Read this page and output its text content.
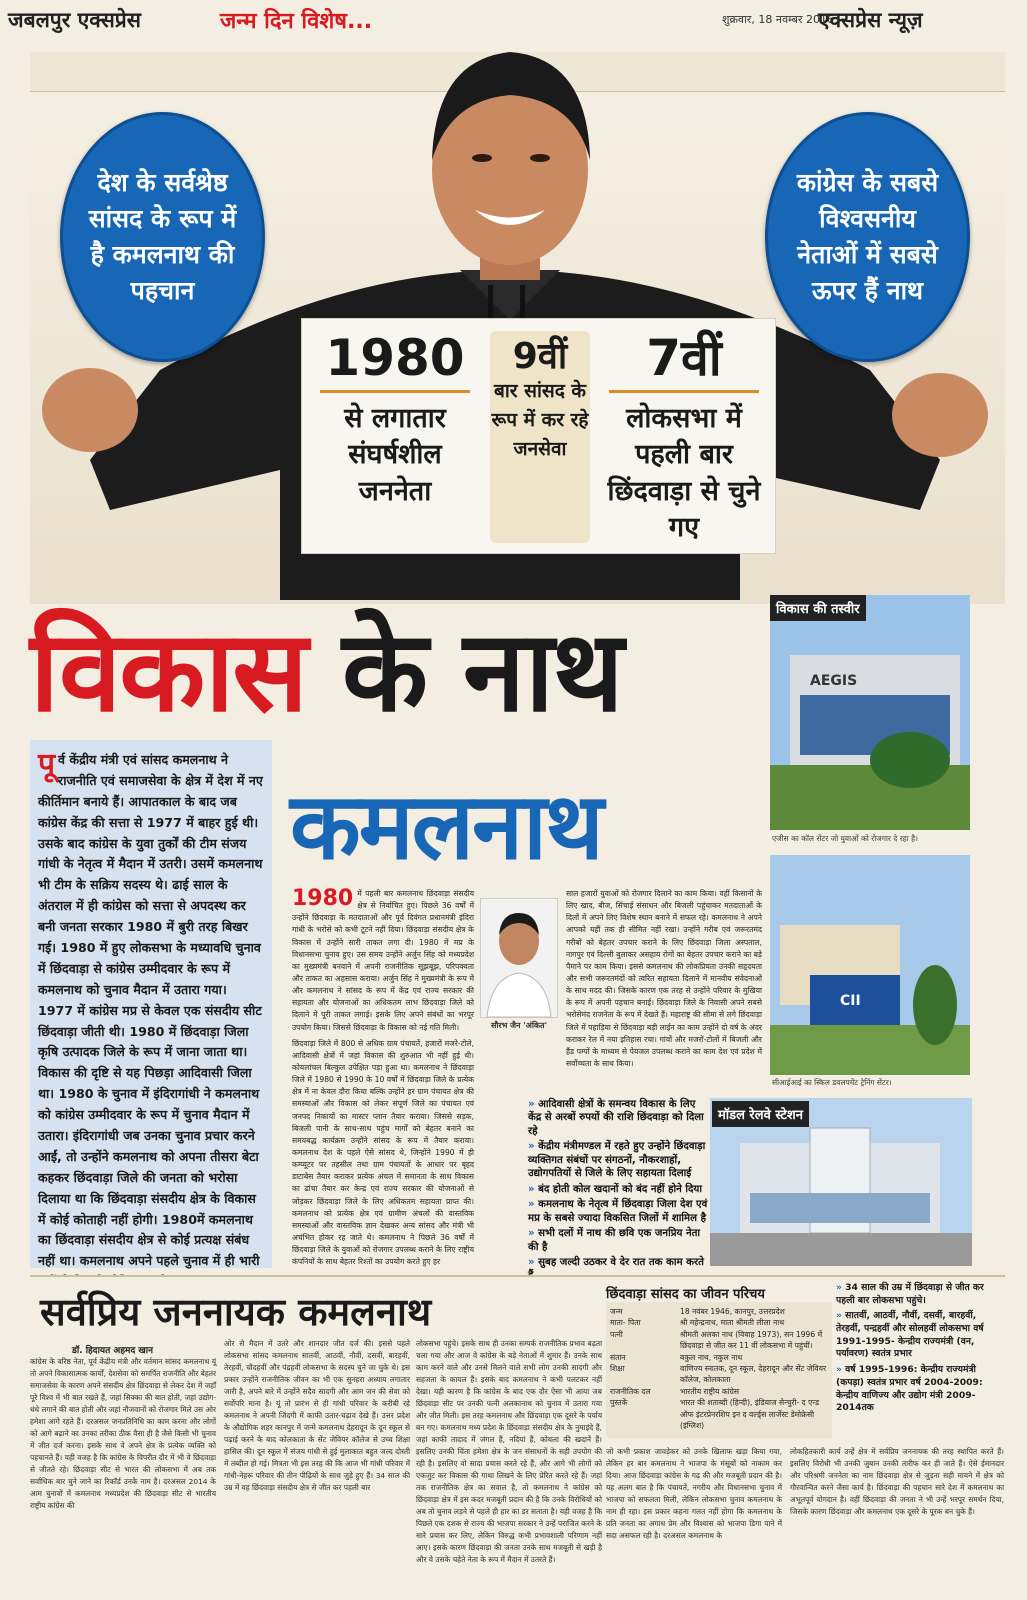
जबलपुर एक्सप्रेस	जन्म दिन विशेष...	शुक्रवार, 18 नवम्बर 2016
एक्सप्रेस न्यूज़
देश के सर्वश्रेष्ठ सांसद के रूप में है कमलनाथ की पहचान
कांग्रेस के सबसे विश्वसनीय नेताओं में सबसे ऊपर हैं नाथ
1980
से लगातार संघर्षशील जननेता
9वीं
बार सांसद के रूप में कर रहे जनसेवा
7वीं
लोकसभा में पहली बार छिंदवाड़ा से चुने गए
विकास के नाथ
कमलनाथ
पूर्व केंद्रीय मंत्री एवं सांसद कमलनाथ ने राजनीति एवं समाजसेवा के क्षेत्र में देश में नए कीर्तिमान बनाये हैं। आपातकाल के बाद जब कांग्रेस केंद्र की सत्ता से 1977 में बाहर हुई थी। उसके बाद कांग्रेस के युवा तुर्कों की टीम संजय गांधी के नेतृत्व में मैदान में उतरी। उसमें कमलनाथ भी टीम के सक्रिय सदस्य थे। ढाई साल के अंतराल में ही कांग्रेस को सत्ता से अपदस्थ कर बनी जनता सरकार 1980 में बुरी तरह बिखर गई। 1980 में हुए लोकसभा के मध्यावधि चुनाव में छिंदवाड़ा से कांग्रेस उम्मीदवार के रूप में कमलनाथ को चुनाव मैदान में उतारा गया। 1977 में कांग्रेस मप्र से केवल एक संसदीय सीट छिंदवाड़ा जीती थी। 1980 में छिंदवाड़ा जिला कृषि उत्पादक जिले के रूप में जाना जाता था। विकास की दृष्टि से यह पिछड़ा आदिवासी जिला था। 1980 के चुनाव में इंदिरागांधी ने कमलनाथ को कांग्रेस उम्मीदवार के रूप में चुनाव मैदान में उतारा। इंदिरागांधी जब उनका चुनाव प्रचार करने आईं, तो उन्होंने कमलनाथ को अपना तीसरा बेटा कहकर छिंदवाड़ा जिले की जनता को भरोसा दिलाया था कि छिंदवाड़ा संसदीय क्षेत्र के विकास में कोई कोताही नहीं होगी। 1980में कमलनाथ का छिंदवाड़ा संसदीय क्षेत्र से कोई प्रत्यक्ष संबंध नहीं था। कमलनाथ अपने पहले चुनाव में ही भारी
1980 में पहली बार कमलनाथ छिंदवाड़ा संसदीय क्षेत्र से निर्वाचित हुए। पिछले 36 वर्षों में उन्होंने छिंदवाड़ा के मतदाताओं और पूर्व दिवंगत प्रधानमंत्री इंदिरा गांधी के भरोसे को कभी टूटने नहीं दिया। छिंदवाड़ा संसदीय क्षेत्र के विकास में उन्होंने सारी ताकत लगा दी। 1980 में मप्र के विधानसभा चुनाव हुए। उस समय उन्होंने अर्जुन सिंह को मध्यप्रदेश का मुख्यमंत्री बनवाने में अपनी राजनीतिक सूझबूझ, परिपक्वता और ताकत का अहसास कराया। अर्जुन सिंह ने मुख्यमंत्री के रूप में और कमलनाथ ने सांसद के रूप में केंद्र एवं राज्य सरकार की सहायता और योजनाओं का अधिकतम लाभ छिंदवाड़ा जिले को दिलाने में पूरी ताकत लगाई। इसके लिए अपने संबंधों का भरपूर उपयोग किया। जिससे छिंदवाड़ा के विकास को नई गति मिली।
छिंदवाड़ा जिले में 800 से अधिक ग्राम पंचायतें, हजारों मजरे-टोले, आदिवासी क्षेत्रों में जहां विकास की शुरुआत भी नहीं हुई थी। कोयलांचल बिल्कुल उपेक्षित पड़ा हुआ था। कमलनाथ ने छिंदवाड़ा जिले में 1980 से 1990 के 10 वर्षों में छिंदवाड़ा जिले के प्रत्येक क्षेत्र में ना केवल दौरा किया बल्कि उन्होंने हर ग्राम पंचायत क्षेत्र की समस्याओं और विकास को लेकर संपूर्ण जिले का पंचायत एवं जनपद निकायों का मास्टर प्लान तैयार कराया। जिससे सड़क, बिजली पानी के साथ-साथ पहुंच मार्गों को बेहतर बनाने का समयबद्ध कार्यक्रम उन्होंने सांसद के रूप में तैयार कराया। कमलनाथ देश के पहले ऐसे सांसद थे, जिन्होंने 1990 में ही कम्प्यूटर पर तहसील तथा ग्राम पंचायतों के आधार पर बृहद डाटाबेस तैयार कराकर प्रत्येक अंचल में समानता के साथ विकास का ढांचा तैयार कर केन्द्र एवं राज्य सरकार की योजनाओं से जोड़कर छिंदवाड़ा जिले के लिए अधिकतम सहायता प्राप्त की। कमलनाथ को प्रत्येक क्षेत्र एवं ग्रामीण अंचलों की वास्तविक समस्याओं और वास्तविक ज्ञान देखकर अन्य सांसद और मंत्री भी अचंभित होकर रह जाते थे। कमलनाथ ने पिछले 36 वर्षों में छिंदवाड़ा जिले के युवाओं को रोजगार उपलब्ध कराने के लिए राष्ट्रीय कंपनियों के साथ बेहतर रिश्तों का उपयोग करते हुए हर
सौरभ जैन 'अंकित'
साल हजारों युवाओं को रोजगार दिलाने का काम किया। वहीं किसानों के लिए खाद, बीज, सिंचाई संसाधन और बिजली पहुंचाकर मतदाताओं के दिलों में अपने लिए विशेष स्थान बनाने में सफल रहे। कमलनाथ ने अपने आपको यहीं तक ही सीमित नहीं रखा। उन्होंने गरीब एवं जरूरतमंद गरीबों को बेहतर उपचार कराने के लिए छिंदवाड़ा जिला अस्पताल, नागपुर एवं दिल्ली बुलाकर असहाय रोगों का बेहतर उपचार कराने का बड़े पैमाने पर काम किया। इससे कमलनाथ की लोकप्रियता उनकी सहृदयता और सभी जरूरतमंदों को त्वरित सहायता दिलाने में मानवीय संवेदनाओं के साथ मदद की। जिसके कारण एक तरह से उन्होंने परिवार के मुखिया के रूप में अपनी पहचान बनाई। छिंदवाड़ा जिले के निवासी अपने सबसे भरोसेमंद राजनेता के रूप में देखते हैं। महाराष्ट्र की सीमा से लगे छिंदवाड़ा जिले में पहाड़िया से छिंदवाड़ा बड़ी लाईन का काम उन्होंने दो वर्ष के अंदर कराकर रेल में नया इतिहास रचा। गांवों और मजरों-टोलों में बिजली और हैंड पम्पों के माध्यम से पेयजल उपलब्ध कराने का काम देश एवं प्रदेश में सर्वोच्चता के साथ किया।
» आदिवासी क्षेत्रों के समन्वय विकास के लिए केंद्र से अरबों रुपयों की राशि छिंदवाड़ा को दिला रहे
» केंद्रीय मंत्रीमण्डल में रहते हुए उन्होंने छिंदवाड़ा व्यक्तिगत संबंधों पर संगठनों, नौकरशाहों, उद्योगपतियों से जिले के लिए सहायता दिलाई
» बंद होती कोल खदानों को बंद नहीं होने दिया
» कमलनाथ के नेतृत्व में छिंदवाड़ा जिला देश एवं मप्र के सबसे ज्यादा विकसित जिलों में शामिल है
» सभी दलों में नाथ की छवि एक जनप्रिय नेता की है
» सुबह जल्दी उठकर वे देर रात तक काम करते
AEGIS
विकास की तस्वीर
एजीस का कॉल सेंटर जो युवाओं को रोजगार दे रहा है।
CII
सीआईआई का स्किल डवलपमेंट ट्रेनिंग सेंटर।
मॉडल रेलवे स्टेशन
सर्वप्रिय जननायक कमलनाथ
डॉ. हिदायत अहमद खान
कांग्रेस के वरिष्ठ नेता, पूर्व केंद्रीय मंत्री और वर्तमान सांसद कमलनाथ यूं तो अपने विकासात्मक कार्यों, देशसेवा को समर्पित राजनीति और बेहतर समाजसेवा के कारण अपने संसदीय क्षेत्र छिंदवाड़ा से लेकर देश में जहाँ पूरे विश्व में भी बात रखते हैं, जहां सिक्का की बात होती, जहां उद्योग-धंधे लगाने की बात होती और जहां नौजवानों को रोजगार मिले उस ओर हमेशा आगे रहते हैं। दरअसल जनप्रतिनिधि का काम करना और लोगों को आगे बढ़ाने का उनका तरीका ठीक वैसा ही है जैसे किसी भी चुनाव में जीत दर्ज करना। इसके साथ वे अपने क्षेत्र के प्रत्येक व्यक्ति को पहचानते हैं। यही वजह है कि कांग्रेस के विपरीत दौर में भी वे छिंदवाड़ा से जीतते रहे। छिंदवाड़ा सीट से भारत की लोकसभा में अब तक सर्वाधिक बार चुने जाने का रिकॉर्ड उनके नाम है। दरअसल 2014 के आम चुनावों में कमलनाथ मध्यप्रदेश की छिंदवाड़ा सीट से भारतीय राष्ट्रीय कांग्रेस की
ओर से मैदान में उतरे और शानदार जीत दर्ज की। इससे पहले लोकसभा सांसद कमलनाथ सातवीं, आठवीं, नौवीं, दसवीं, बारहवीं, तेरहवीं, चौदहवीं और पंद्रहवीं लोकसभा के सदस्य चुने जा चुके थे। इस प्रकार उन्होंने राजनीतिक जीवन का भी एक सुनहरा अध्याय लगातार जारी है, अपने बारे में उन्होंने सदैव सादगी और आम जन की सेवा को सर्वोपरि माना है। यूं तो प्रारंभ से ही गांधी परिवार के करीबी रहे कमलनाथ ने अपनी जिंदगी में काफी उतार-चढ़ाव देखे हैं। उत्तर प्रदेश के औद्योगिक शहर कानपुर में जन्मे कमलनाथ देहरादून के दून स्कूल से पढ़ाई करने के बाद कोलकाता के सेंट जेवियर कॉलेज से उच्च शिक्षा हासिल की। दून स्कूल में संजय गांधी से हुई मुलाकात बहुत जल्द दोस्ती में तब्दील हो गई। मित्रता भी इस तरह की कि आज भी गांधी परिवार में गांधी-नेहरू परिवार की तीन पीढ़ियों के साथ जुड़े हुए हैं। 34 साल की उम्र में वह छिंदवाड़ा संसदीय क्षेत्र से जीत कर पहली बार
लोकसभा पहुंचे। इसके साथ ही उनका सम्पर्क राजनीतिक प्रभाव बढ़ता चला गया और आज वे कांग्रेस के बड़े नेताओं में शुमार हैं। उनके साथ काम करने वाले और उनसे मिलने वाले सभी लोग उनकी सादगी और सहजता के कायल हैं। इसके बाद कमलनाथ ने कभी पलटकर नहीं देखा। यही कारण है कि कांग्रेस के बाद एक दौर ऐसा भी आया जब छिंदवाड़ा सीट पर उनकी पत्नी अलकानाथ को चुनाव में उतारा गया और जीत मिली। इस तरह कमलनाथ और छिंदवाड़ा एक दूसरे के पर्याय बन गए। कमलनाथ मध्य प्रदेश के छिंदवाड़ा संसदीय क्षेत्र के नुमाइंदे हैं, जहां काफी तादाद में जंगल हैं, नदियां हैं, कोयला की खदानें हैं। इसलिए उनकी चिंता हमेशा क्षेत्र के जन संसाधनों के सही उपयोग की रही है। इसलिए वो सादा प्रयास करते रहे हैं, और आगे भी लोगों को एकजुट कर विकास की गाथा लिखने के लिए प्रेरित करते रहे हैं। जहां तक राजनीतिक क्षेत्र का सवाल है, तो कमलनाथ ने कांग्रेस को छिंदवाड़ा क्षेत्र में इस कदर मजबूती प्रदान की है कि उनके विरोधियों को अब तो चुनाव लड़ने से पहले ही हार का डर सताता है। यही वजह है कि पिछले एक दशक से राज्य की भाजपा सरकार ने उन्हें पराजित करने के सारे प्रयास कर लिए, लेकिन विरुद्ध कभी प्रभावशाली परिणाम नहीं आए। इसके कारण छिंदवाड़ा की जनता उनके साथ मजबूती से खड़ी है और वे उसके चहेते नेता के रूप में मैदान में उतरते हैं।
जो कभी प्रकाश जावड़ेकर को उनके खिलाफ खड़ा किया गया, लेकिन हर बार कमलनाथ ने भाजपा के मंसूबों को नाकाम कर दिया। आज छिंदवाड़ा कांग्रेस के गढ़ की और मजबूती प्रदान की है। यह अलग बात है कि पंचायतें, नगरीय और विधानसभा चुनाव में भाजपा को सफलता मिली, लेकिन लोकसभा चुनाव कमलनाथ के नाम ही रहा। इस प्रकार कहना गलत नहीं होगा कि कमलनाथ के प्रति जनता का अगाध प्रेम और विश्वास को भाजपा डिगा पाने में सदा असफल रही है। दरअसल कमलनाथ के
लोकहितकारी कार्य उन्हें क्षेत्र में सर्वप्रिय जननायक की तरह स्थापित करते हैं। इसलिए विरोधी भी उनकी जुबान उनकी तारीफ कर ही जाते हैं। ऐसे ईमानदार और परिश्रमी जननेता का नाम छिंदवाड़ा क्षेत्र से जुड़ना सही मायने में क्षेत्र को गौरवान्वित करने जैसा कार्य है। छिंदवाड़ा की पहचान सारे देश में कमलनाथ का अभूतपूर्व योगदान है। वहीं छिंदवाड़ा की जनता ने भी उन्हें भरपूर समर्थन दिया, जिसके कारण छिंदवाड़ा और कमलनाथ एक दूसरे के पूरक बन चुके हैं।
छिंदवाड़ा सांसद का जीवन परिचय
जन्म	18 नवंबर 1946, कानपुर, उत्तरप्रदेश
माता- पिता	श्री महेन्द्रनाथ, माता श्रीमती लीला नाथ
पत्नी	श्रीमती अलका नाथ (विवाह 1973), सन 1996 में छिंदवाड़ा से जीत कर 11 वीं लोकसभा में पहुंचीं।
संतान	बकुल नाथ, नकुल नाथ
शिक्षा	वाणिज्य स्नातक, दून स्कूल, देहरादून और सेंट जेवियर कॉलेज, कोलकाता
राजनीतिक दल	भारतीय राष्ट्रीय कांग्रेस
पुस्तकें	भारत की शताब्दी (हिन्दी), इंडियाज सेन्चुरी- द एन्ड ऑफ इंटरप्रेनरशिप इन द वर्ल्ड्स लार्जेस्ट डेमोक्रेसी (इंग्लिश)
» 34 साल की उम्र में छिंदवाड़ा से जीत कर पहली बार लोकसभा पहुंचे।
» सातवीं, आठवीं, नौवीं, दसवीं, बारहवीं, तेरहवीं, पन्द्रहवीं और सोलहवीं लोकसभा वर्ष 1991-1995- केन्द्रीय राज्यमंत्री (वन, पर्यावरण) स्वतंत्र प्रभार
» वर्ष 1995-1996: केन्द्रीय राज्यमंत्री (कपड़ा) स्वतंत्र प्रभार वर्ष 2004-2009: केन्द्रीय वाणिज्य और उद्योग मंत्री 2009-2014तक
